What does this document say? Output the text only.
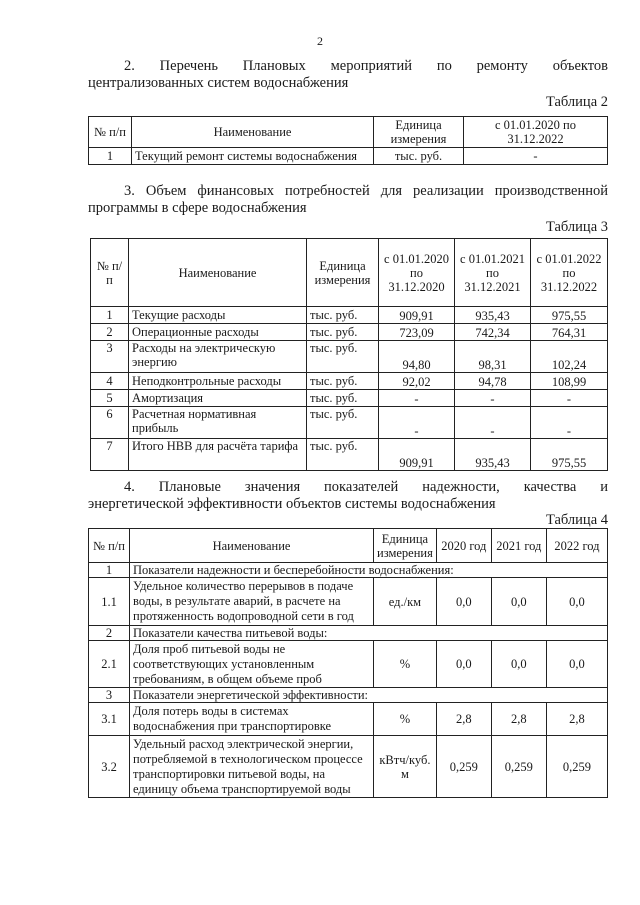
2
2. Перечень Плановых мероприятий по ремонту объектов
централизованных систем водоснабжения
Таблица 2
№ п/п	Наименование	Единица измерения	с 01.01.2020 по 31.12.2022
1	Текущий ремонт системы водоснабжения	тыс. руб.	-
3. Объем финансовых потребностей для реализации производственной
программы в сфере водоснабжения
Таблица 3
№ п/п	Наименование	Единица измерения	с 01.01.2020 по 31.12.2020	с 01.01.2021 по 31.12.2021	с 01.01.2022 по 31.12.2022
1	Текущие расходы	тыс. руб.	909,91	935,43	975,55
2	Операционные расходы	тыс. руб.	723,09	742,34	764,31
3	Расходы на электрическую энергию	тыс. руб.	94,80	98,31	102,24
4	Неподконтрольные расходы	тыс. руб.	92,02	94,78	108,99
5	Амортизация	тыс. руб.	-	-	-
6	Расчетная нормативная прибыль	тыс. руб.	-	-	-
7	Итого НВВ для расчёта тарифа	тыс. руб.	909,91	935,43	975,55
4. Плановые значения показателей надежности, качества и
энергетической эффективности объектов системы водоснабжения
Таблица 4
№ п/п	Наименование	Единица измерения	2020 год	2021 год	2022 год
1	Показатели надежности и бесперебойности водоснабжения:				
1.1	Удельное количество перерывов в подаче воды, в результате аварий, в расчете на протяженность водопроводной сети в год	ед./км	0,0	0,0	0,0
2	Показатели качества питьевой воды:				
2.1	Доля проб питьевой воды не соответствующих установленным требованиям, в общем объеме проб	%	0,0	0,0	0,0
3	Показатели энергетической эффективности:				
3.1	Доля потерь воды в системах водоснабжения при транспортировке	%	2,8	2,8	2,8
3.2	Удельный расход электрической энергии, потребляемой в технологическом процессе транспортировки питьевой воды, на единицу объема транспортируемой воды	кВтч/куб. м	0,259	0,259	0,259
